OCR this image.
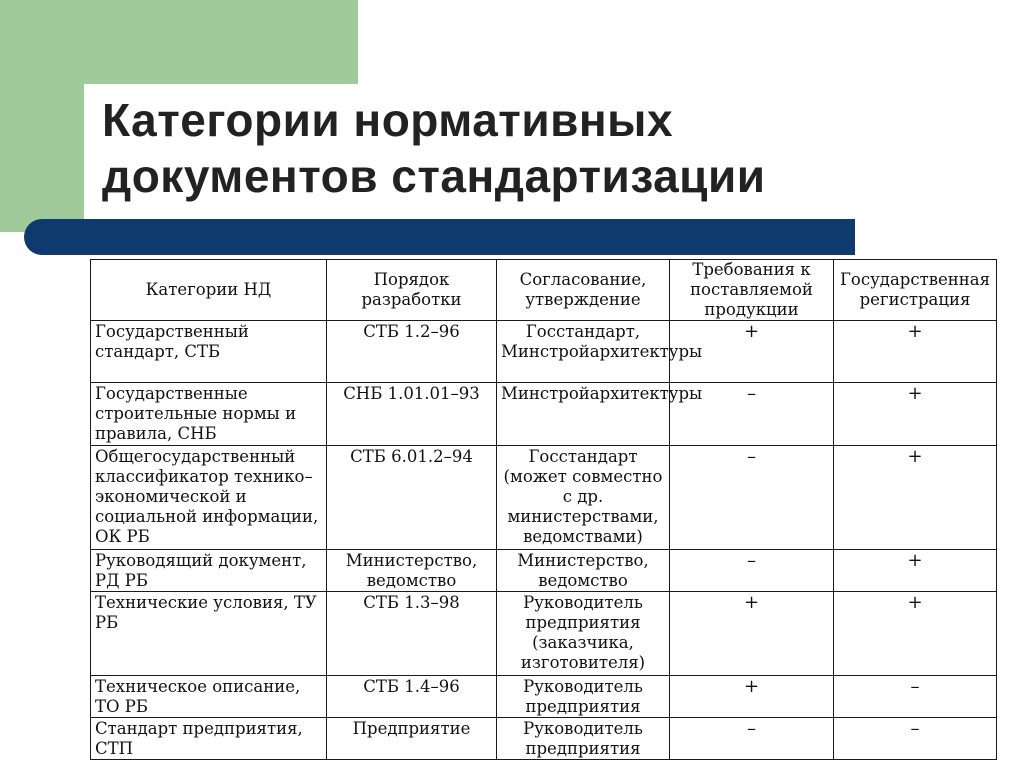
Категории нормативных
документов стандартизации
Категории НД	Порядок разработки	Согласование, утверждение	Требования к поставляемой продукции	Государственная регистрация
Государственный стандарт, СТБ	СТБ 1.2–96	Госстандарт, Минстройархитектуры	+	+
Государственные строительные нормы и правила, СНБ	СНБ 1.01.01–93	Минстройархитектуры	–	+
Общегосударственный классификатор технико–экономической и социальной информации, ОК РБ	СТБ 6.01.2–94	Госстандарт (может совместно с др. министерствами, ведомствами)	–	+
Руководящий документ, РД РБ	Министерство, ведомство	Министерство, ведомство	–	+
Технические условия, ТУ РБ	СТБ 1.3–98	Руководитель предприятия (заказчика, изготовителя)	+	+
Техническое описание, ТО РБ	СТБ 1.4–96	Руководитель предприятия	+	–
Стандарт предприятия, СТП	Предприятие	Руководитель предприятия	–	–
